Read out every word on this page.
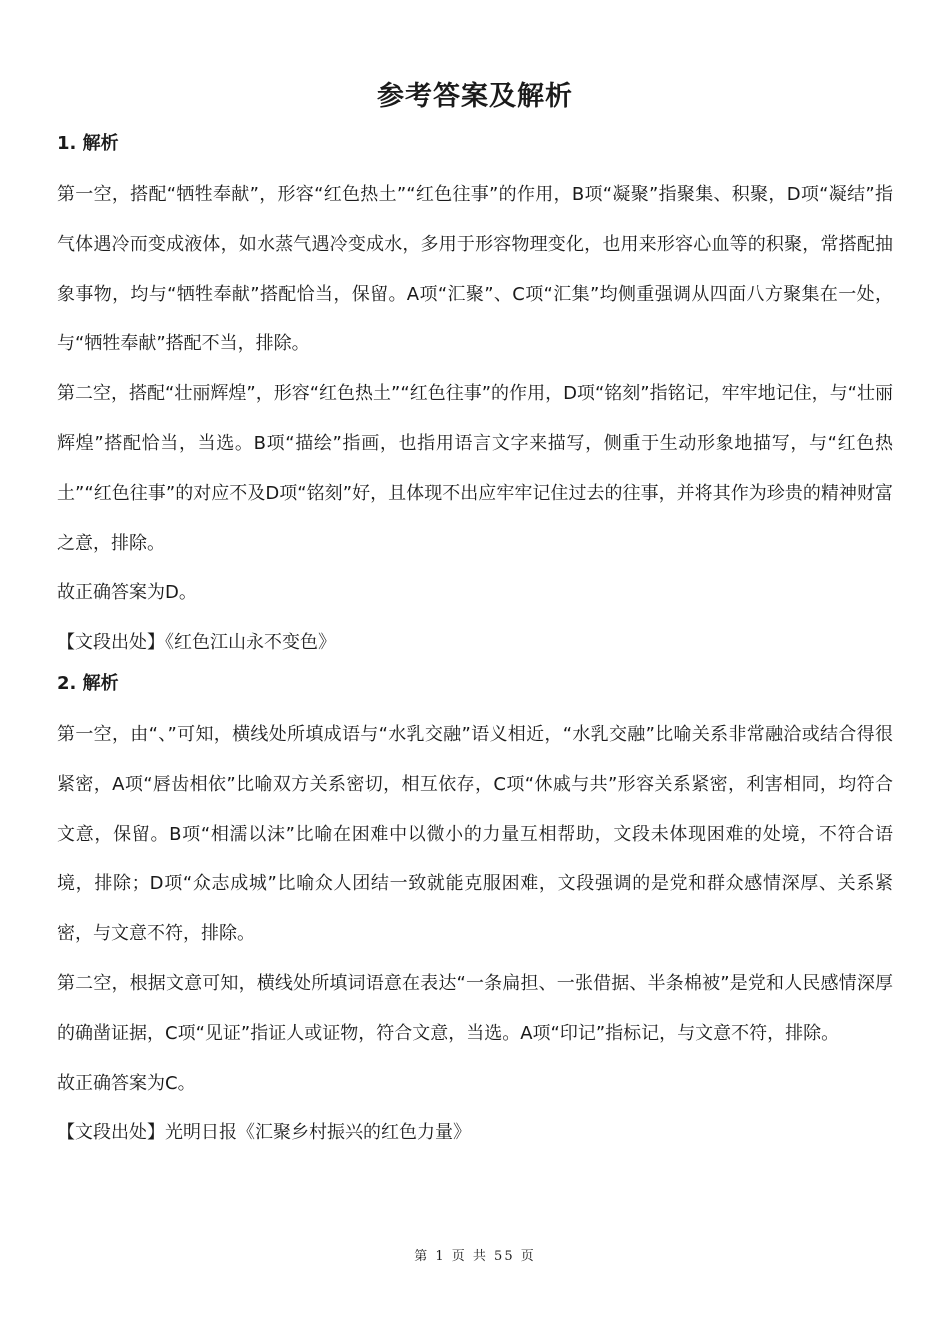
参考答案及解析
1. 解析

第一空，搭配“牺牲奉献”，形容“红色热土”“红色往事”的作用，B项“凝聚”指聚集、积聚，D项“凝结”指气体遇冷而变成液体，如水蒸气遇冷变成水，多用于形容物理变化，也用来形容心血等的积聚，常搭配抽象事物，均与“牺牲奉献”搭配恰当，保留。A项“汇聚”、C项“汇集”均侧重强调从四面八方聚集在一处，与“牺牲奉献”搭配不当，排除。

第二空，搭配“壮丽辉煌”，形容“红色热土”“红色往事”的作用，D项“铭刻”指铭记，牢牢地记住，与“壮丽辉煌”搭配恰当，当选。B项“描绘”指画，也指用语言文字来描写，侧重于生动形象地描写，与“红色热土”“红色往事”的对应不及D项“铭刻”好，且体现不出应牢牢记住过去的往事，并将其作为珍贵的精神财富之意，排除。

故正确答案为D。

【文段出处】《红色江山永不变色》

2. 解析

第一空，由“、”可知，横线处所填成语与“水乳交融”语义相近，“水乳交融”比喻关系非常融洽或结合得很紧密，A项“唇齿相依”比喻双方关系密切，相互依存，C项“休戚与共”形容关系紧密，利害相同，均符合文意，保留。B项“相濡以沫”比喻在困难中以微小的力量互相帮助，文段未体现困难的处境，不符合语境，排除；D项“众志成城”比喻众人团结一致就能克服困难，文段强调的是党和群众感情深厚、关系紧密，与文意不符，排除。

第二空，根据文意可知，横线处所填词语意在表达“一条扁担、一张借据、半条棉被”是党和人民感情深厚的确凿证据，C项“见证”指证人或证物，符合文意，当选。A项“印记”指标记，与文意不符，排除。

故正确答案为C。

【文段出处】光明日报《汇聚乡村振兴的红色力量》

第 1 页 共 55 页
